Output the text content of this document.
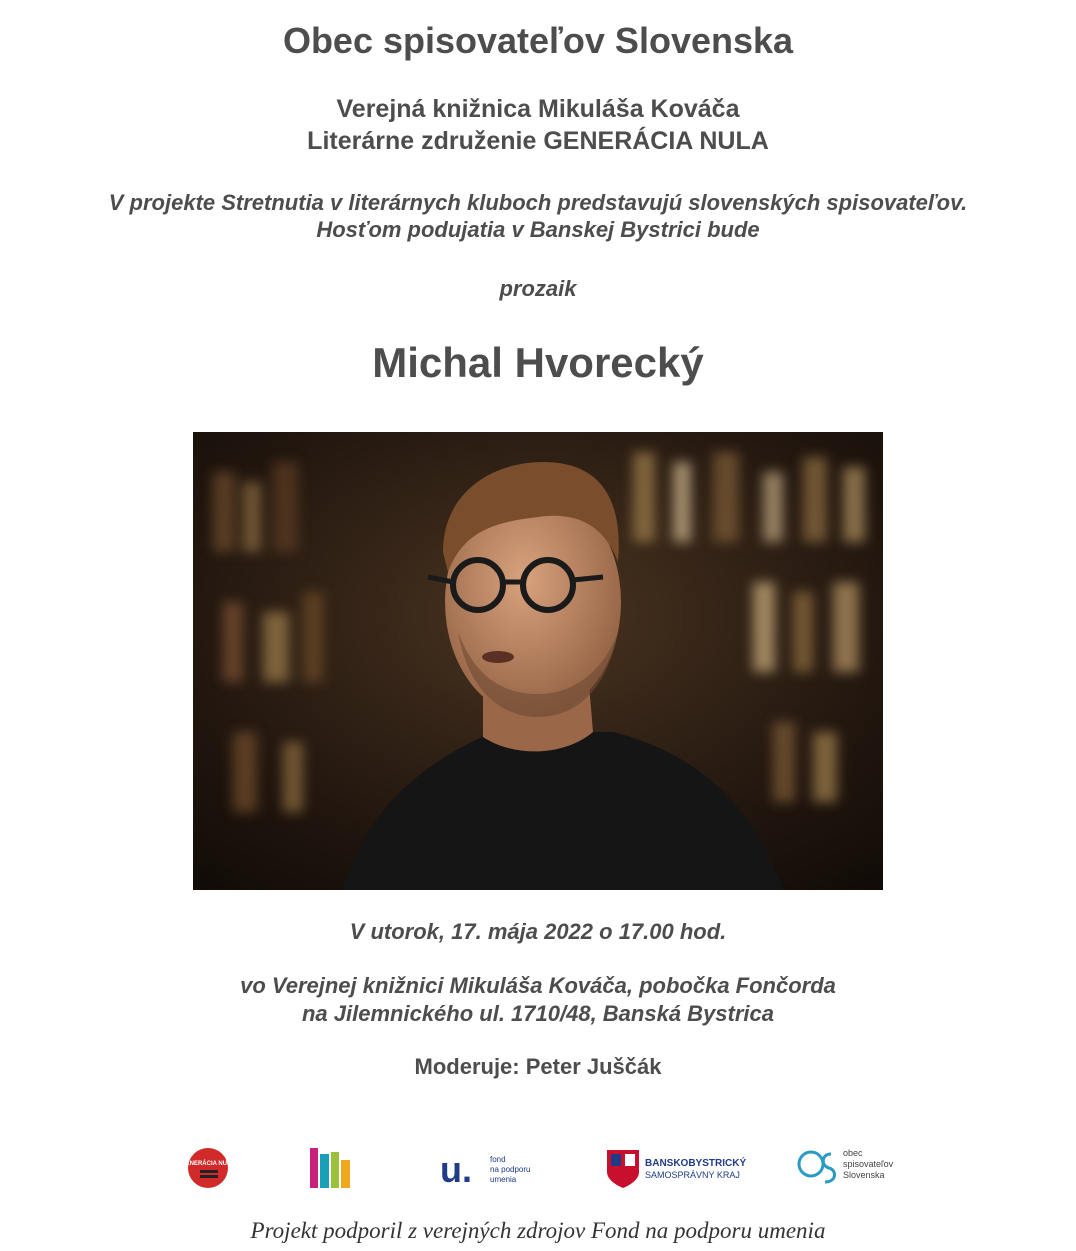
Obec spisovateľov Slovenska
Verejná knižnica Mikuláša Kováča
Literárne združenie GENERÁCIA NULA
V projekte Stretnutia v literárnych kluboch predstavujú slovenských spisovateľov.
Hosťom podujatia v Banskej Bystrici bude
prozaik
Michal Hvorecký
V utorok, 17. mája 2022 o 17.00 hod.
vo Verejnej knižnici Mikuláša Kováča, pobočka Fončorda
na Jilemnického ul. 1710/48, Banská Bystrica
Moderuje: Peter Juščák
GENERÁCIA NULA	u. fond
na podporu
umenia
BANSKOBYSTRICKÝ
SAMOSPRÁVNY KRAJ
obec
spisovateľov
Slovenska
Projekt podporil z verejných zdrojov Fond na podporu umenia
